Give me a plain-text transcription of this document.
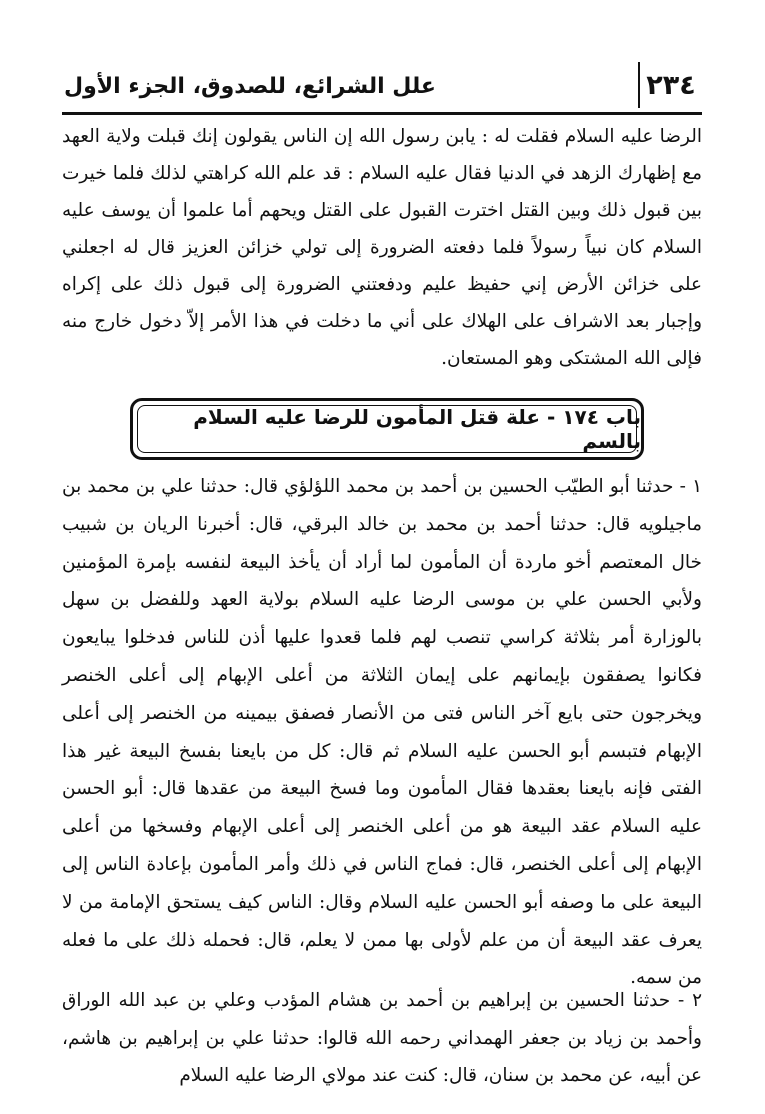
٢٣٤
علل الشرائع، للصدوق، الجزء الأول

الرضا عليه السلام فقلت له : يابن رسول الله إن الناس يقولون إنك قبلت ولاية العهد مع إظهارك الزهد في الدنيا فقال عليه السلام : قد علم الله كراهتي لذلك فلما خيرت بين قبول ذلك وبين القتل اخترت القبول على القتل ويحهم أما علموا أن يوسف عليه السلام كان نبياً رسولاً فلما دفعته الضرورة إلى تولي خزائن العزيز قال له اجعلني على خزائن الأرض إني حفيظ عليم ودفعتني الضرورة إلى قبول ذلك على إكراه وإجبار بعد الاشراف على الهلاك على أني ما دخلت في هذا الأمر إلاّ دخول خارج منه فإلى الله المشتكى وهو المستعان.

باب ١٧٤ - علة قتل المأمون للرضا عليه السلام بالسم

١ - حدثنا أبو الطيّب الحسين بن أحمد بن محمد اللؤلؤي قال: حدثنا علي بن محمد بن ماجيلويه قال: حدثنا أحمد بن محمد بن خالد البرقي، قال: أخبرنا الريان بن شبيب خال المعتصم أخو ماردة أن المأمون لما أراد أن يأخذ البيعة لنفسه بإمرة المؤمنين ولأبي الحسن علي بن موسى الرضا عليه السلام بولاية العهد وللفضل بن سهل بالوزارة أمر بثلاثة كراسي تنصب لهم فلما قعدوا عليها أذن للناس فدخلوا يبايعون فكانوا يصفقون بإيمانهم على إيمان الثلاثة من أعلى الإبهام إلى أعلى الخنصر ويخرجون حتى بايع آخر الناس فتى من الأنصار فصفق بيمينه من الخنصر إلى أعلى الإبهام فتبسم أبو الحسن عليه السلام ثم قال: كل من بايعنا بفسخ البيعة غير هذا الفتى فإنه بايعنا بعقدها فقال المأمون وما فسخ البيعة من عقدها قال: أبو الحسن عليه السلام عقد البيعة هو من أعلى الخنصر إلى أعلى الإبهام وفسخها من أعلى الإبهام إلى أعلى الخنصر، قال: فماج الناس في ذلك وأمر المأمون بإعادة الناس إلى البيعة على ما وصفه أبو الحسن عليه السلام وقال: الناس كيف يستحق الإمامة من لا يعرف عقد البيعة أن من علم لأولى بها ممن لا يعلم، قال: فحمله ذلك على ما فعله من سمه.

٢ - حدثنا الحسين بن إبراهيم بن أحمد بن هشام المؤدب وعلي بن عبد الله الوراق وأحمد بن زياد بن جعفر الهمداني رحمه الله قالوا: حدثنا علي بن إبراهيم بن هاشم، عن أبيه، عن محمد بن سنان، قال: كنت عند مولاي الرضا عليه السلام
